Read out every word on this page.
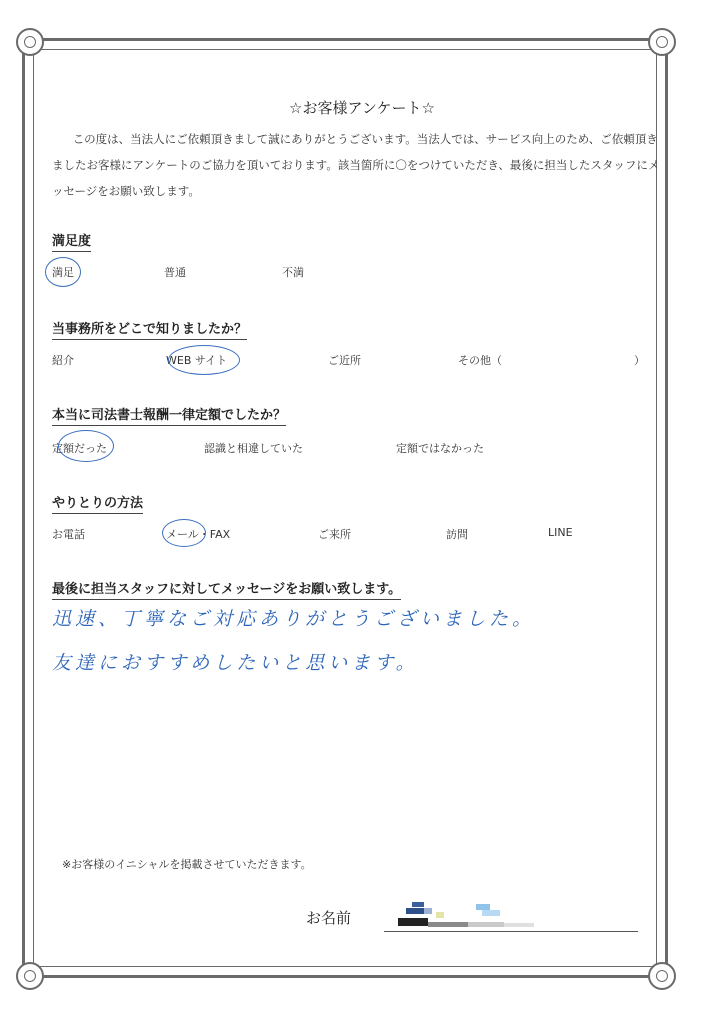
☆お客様アンケート☆
この度は、当法人にご依頼頂きまして誠にありがとうございます。当法人では、サービス向上のため、ご依頼頂きましたお客様にアンケートのご協力を頂いております。該当箇所に〇をつけていただき、最後に担当したスタッフにメッセージをお願い致します。
満足度
満足	普通	不満
当事務所をどこで知りましたか？
紹介	WEB サイト	ご近所	その他（	）
本当に司法書士報酬一律定額でしたか？
定額だった	認識と相違していた	定額ではなかった
やりとりの方法
お電話	メール・FAX	ご来所	訪問	LINE
最後に担当スタッフに対してメッセージをお願い致します。
迅速、丁寧なご対応ありがとうございました。
友達におすすめしたいと思います。
※お客様のイニシャルを掲載させていただきます。
お名前
